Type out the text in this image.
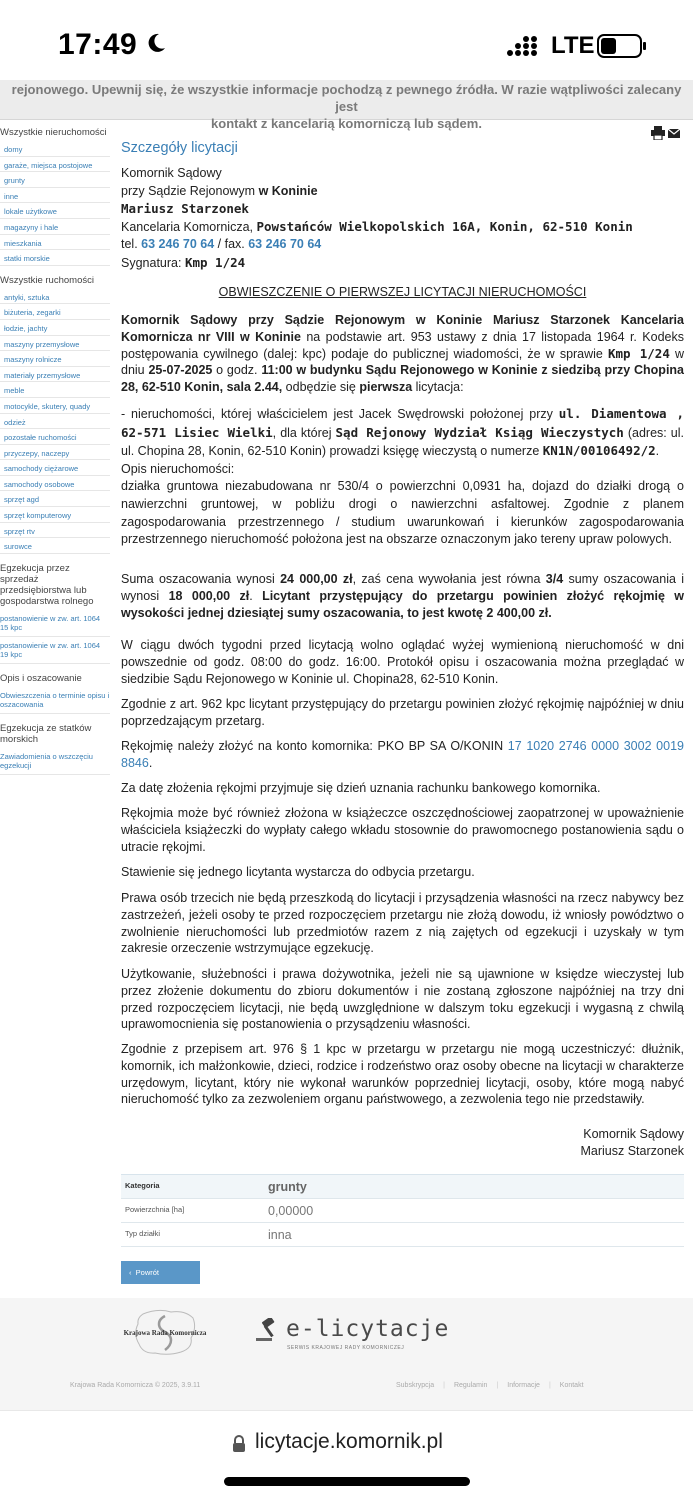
17:49	LTE
rejonowego. Upewnij się, że wszystkie informacje pochodzą z pewnego źródła. W razie wątpliwości zalecany jest
kontakt z kancelarią komorniczą lub sądem.
Wszystkie nieruchomości
domy
garaże, miejsca postojowe
grunty
inne
lokale użytkowe
magazyny i hale
mieszkania
statki morskie
Wszystkie ruchomości
antyki, sztuka
biżuteria, zegarki
łodzie, jachty
maszyny przemysłowe
maszyny rolnicze
materiały przemysłowe
meble
motocykle, skutery, quady
odzież
pozostałe ruchomości
przyczepy, naczepy
samochody ciężarowe
samochody osobowe
sprzęt agd
sprzęt komputerowy
sprzęt rtv
surowce
Egzekucja przez sprzedaż przedsiębiorstwa lub gospodarstwa rolnego
postanowienie w zw. art. 1064 15 kpc
postanowienie w zw. art. 1064 19 kpc
Opis i oszacowanie
Obwieszczenia o terminie opisu i oszacowania
Egzekucja ze statków morskich
Zawiadomienia o wszczęciu egzekucji
Szczegóły licytacji
Komornik Sądowy
przy Sądzie Rejonowym w Koninie
Mariusz Starzonek
Kancelaria Komornicza, Powstańców Wielkopolskich 16A, Konin, 62-510 Konin
tel. 63 246 70 64 / fax. 63 246 70 64
Sygnatura: Kmp 1/24
OBWIESZCZENIE O PIERWSZEJ LICYTACJI NIERUCHOMOŚCI
Komornik Sądowy przy Sądzie Rejonowym w Koninie Mariusz Starzonek Kancelaria Komornicza nr VIII w Koninie na podstawie art. 953 ustawy z dnia 17 listopada 1964 r. Kodeks postępowania cywilnego (dalej: kpc) podaje do publicznej wiadomości, że w sprawie Kmp 1/24 w dniu 25-07-2025 o godz. 11:00 w budynku Sądu Rejonowego w Koninie z siedzibą przy Chopina 28, 62-510 Konin, sala 2.44, odbędzie się pierwsza licytacja:
- nieruchomości, której właścicielem jest Jacek Swędrowski położonej przy ul. Diamentowa , 62-571 Lisiec Wielki, dla której Sąd Rejonowy Wydział Ksiąg Wieczystych (adres: ul. ul. Chopina 28, Konin, 62-510 Konin) prowadzi księgę wieczystą o numerze KN1N/00106492/2.
Opis nieruchomości:
działka gruntowa niezabudowana nr 530/4 o powierzchni 0,0931 ha, dojazd do działki drogą o nawierzchni gruntowej, w pobliżu drogi o nawierzchni asfaltowej. Zgodnie z planem zagospodarowania przestrzennego / studium uwarunkowań i kierunków zagospodarowania przestrzennego nieruchomość położona jest na obszarze oznaczonym jako tereny upraw polowych.
Suma oszacowania wynosi 24 000,00 zł, zaś cena wywołania jest równa 3/4 sumy oszacowania i wynosi 18 000,00 zł. Licytant przystępujący do przetargu powinien złożyć rękojmię w wysokości jednej dziesiątej sumy oszacowania, to jest kwotę 2 400,00 zł.
W ciągu dwóch tygodni przed licytacją wolno oglądać wyżej wymienioną nieruchomość w dni powszednie od godz. 08:00 do godz. 16:00. Protokół opisu i oszacowania można przeglądać w siedzibie Sądu Rejonowego w Koninie ul. Chopina28, 62-510 Konin.
Zgodnie z art. 962 kpc licytant przystępujący do przetargu powinien złożyć rękojmię najpóźniej w dniu poprzedzającym przetarg.
Rękojmię należy złożyć na konto komornika: PKO BP SA O/KONIN 17 1020 2746 0000 3002 0019 8846.
Za datę złożenia rękojmi przyjmuje się dzień uznania rachunku bankowego komornika.
Rękojmia może być również złożona w książeczce oszczędnościowej zaopatrzonej w upoważnienie właściciela książeczki do wypłaty całego wkładu stosownie do prawomocnego postanowienia sądu o utracie rękojmi.
Stawienie się jednego licytanta wystarcza do odbycia przetargu.
Prawa osób trzecich nie będą przeszkodą do licytacji i przysądzenia własności na rzecz nabywcy bez zastrzeżeń, jeżeli osoby te przed rozpoczęciem przetargu nie złożą dowodu, iż wniosły powództwo o zwolnienie nieruchomości lub przedmiotów razem z nią zajętych od egzekucji i uzyskały w tym zakresie orzeczenie wstrzymujące egzekucję.
Użytkowanie, służebności i prawa dożywotnika, jeżeli nie są ujawnione w księdze wieczystej lub przez złożenie dokumentu do zbioru dokumentów i nie zostaną zgłoszone najpóźniej na trzy dni przed rozpoczęciem licytacji, nie będą uwzględnione w dalszym toku egzekucji i wygasną z chwilą uprawomocnienia się postanowienia o przysądzeniu własności.
Zgodnie z przepisem art. 976 § 1 kpc w przetargu w przetargu nie mogą uczestniczyć: dłużnik, komornik, ich małżonkowie, dzieci, rodzice i rodzeństwo oraz osoby obecne na licytacji w charakterze urzędowym, licytant, który nie wykonał warunków poprzedniej licytacji, osoby, które mogą nabyć nieruchomość tylko za zezwoleniem organu państwowego, a zezwolenia tego nie przedstawiły.
Komornik Sądowy
Mariusz Starzonek
Kategoria	grunty
Powierzchnia [ha]	0,00000
Typ działki	inna
‹ Powrót
Krajowa Rada Komornicza	e-licytacje
SERWIS KRAJOWEJ RADY KOMORNICZEJ
Krajowa Rada Komornicza © 2025, 3.9.11	Subskrypcja | Regulamin | Informacje | Kontakt
licytacje.komornik.pl
